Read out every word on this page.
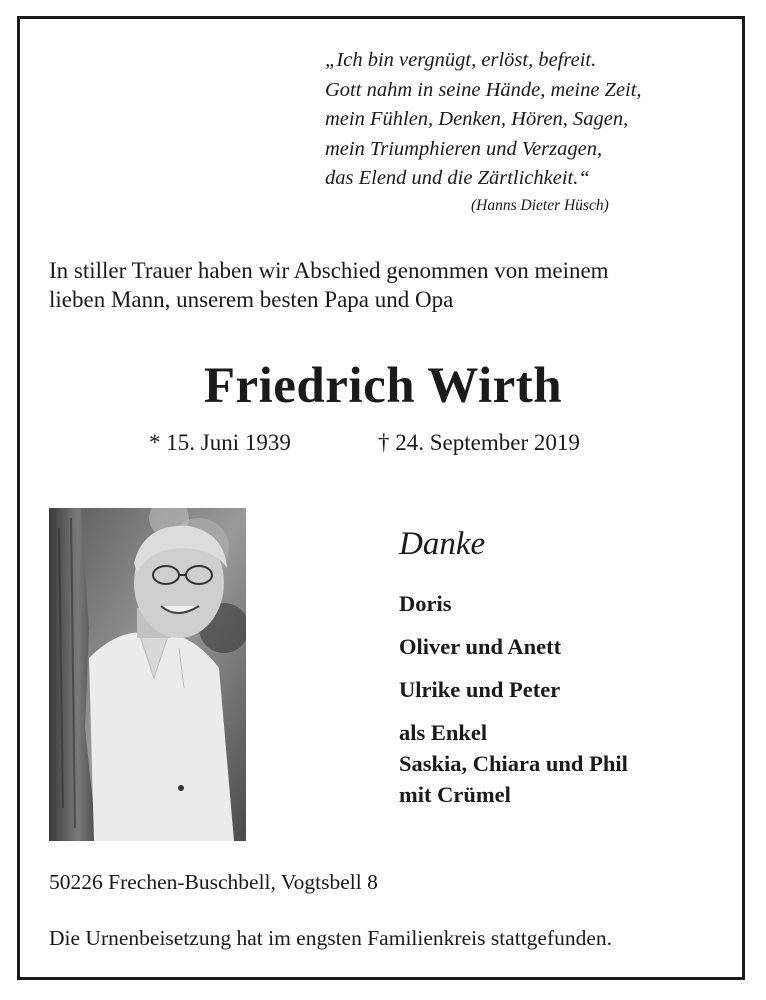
„Ich bin vergnügt, erlöst, befreit.
Gott nahm in seine Hände, meine Zeit,
mein Fühlen, Denken, Hören, Sagen,
mein Triumphieren und Verzagen,
das Elend und die Zärtlichkeit.“
(Hanns Dieter Hüsch)
In stiller Trauer haben wir Abschied genommen von meinem
lieben Mann, unserem besten Papa und Opa
Friedrich Wirth
* 15. Juni 1939	† 24. September 2019
Danke
Doris
Oliver und Anett
Ulrike und Peter
als Enkel
Saskia, Chiara und Phil
mit Crümel
50226 Frechen-Buschbell, Vogtsbell 8
Die Urnenbeisetzung hat im engsten Familienkreis stattgefunden.
